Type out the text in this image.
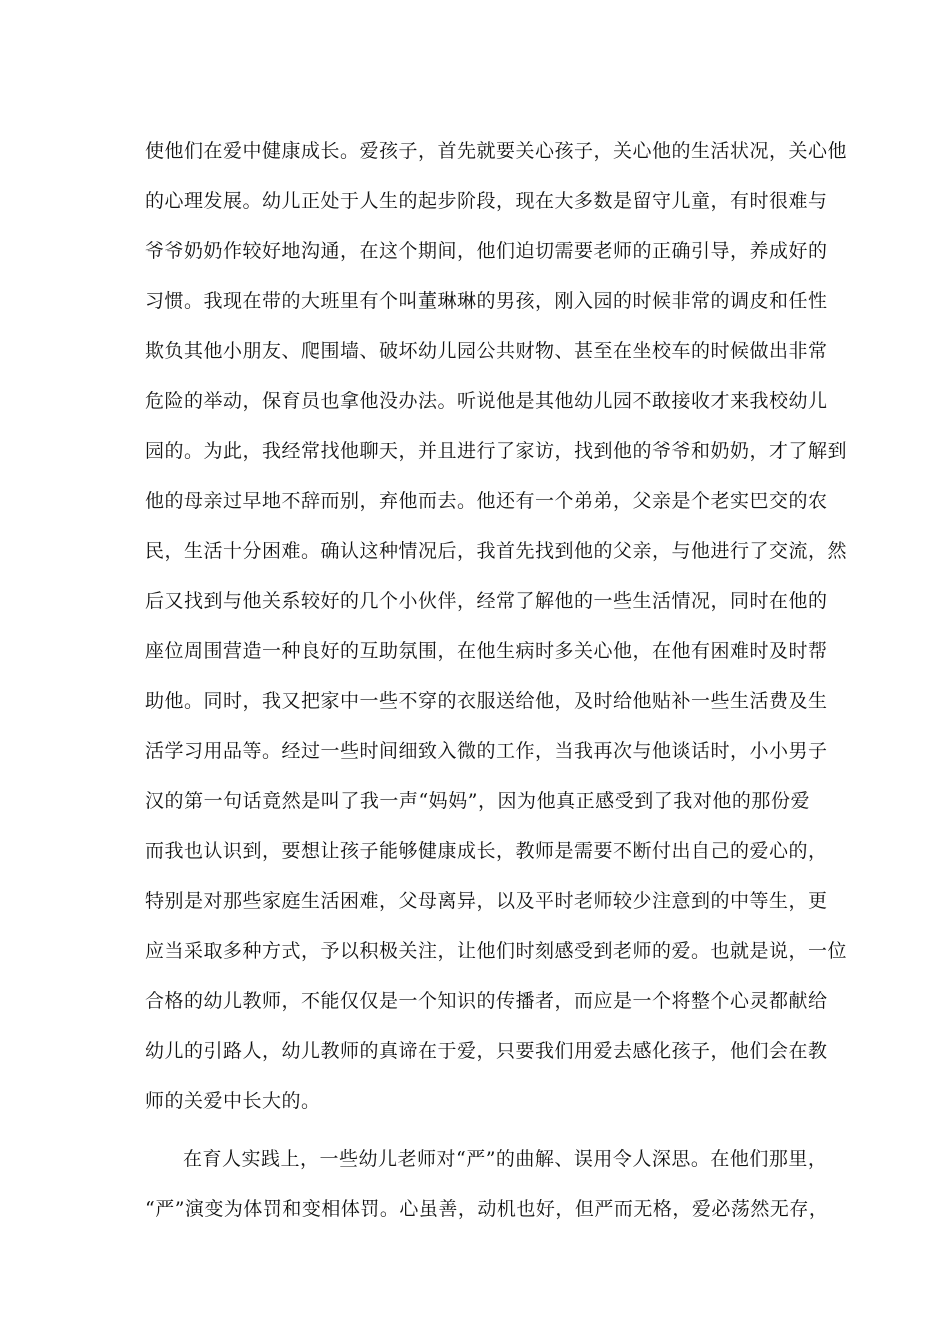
使他们在爱中健康成长。爱孩子，首先就要关心孩子，关心他的生活状况，关心他
的心理发展。幼儿正处于人生的起步阶段，现在大多数是留守儿童，有时很难与
爷爷奶奶作较好地沟通，在这个期间，他们迫切需要老师的正确引导，养成好的
习惯。我现在带的大班里有个叫董琳琳的男孩，刚入园的时候非常的调皮和任性
欺负其他小朋友、爬围墙、破坏幼儿园公共财物、甚至在坐校车的时候做出非常
危险的举动，保育员也拿他没办法。听说他是其他幼儿园不敢接收才来我校幼儿
园的。为此，我经常找他聊天，并且进行了家访，找到他的爷爷和奶奶，才了解到
他的母亲过早地不辞而别，弃他而去。他还有一个弟弟，父亲是个老实巴交的农
民，生活十分困难。确认这种情况后，我首先找到他的父亲，与他进行了交流，然
后又找到与他关系较好的几个小伙伴，经常了解他的一些生活情况，同时在他的
座位周围营造一种良好的互助氛围，在他生病时多关心他，在他有困难时及时帮
助他。同时，我又把家中一些不穿的衣服送给他，及时给他贴补一些生活费及生
活学习用品等。经过一些时间细致入微的工作，当我再次与他谈话时，小小男子
汉的第一句话竟然是叫了我一声“妈妈”，因为他真正感受到了我对他的那份爱
而我也认识到，要想让孩子能够健康成长，教师是需要不断付出自己的爱心的，
特别是对那些家庭生活困难，父母离异，以及平时老师较少注意到的中等生，更
应当采取多种方式，予以积极关注，让他们时刻感受到老师的爱。也就是说，一位
合格的幼儿教师，不能仅仅是一个知识的传播者，而应是一个将整个心灵都献给
幼儿的引路人，幼儿教师的真谛在于爱，只要我们用爱去感化孩子，他们会在教
师的关爱中长大的。
在育人实践上，一些幼儿老师对“严”的曲解、误用令人深思。在他们那里，
“严”演变为体罚和变相体罚。心虽善，动机也好，但严而无格，爱必荡然无存，
